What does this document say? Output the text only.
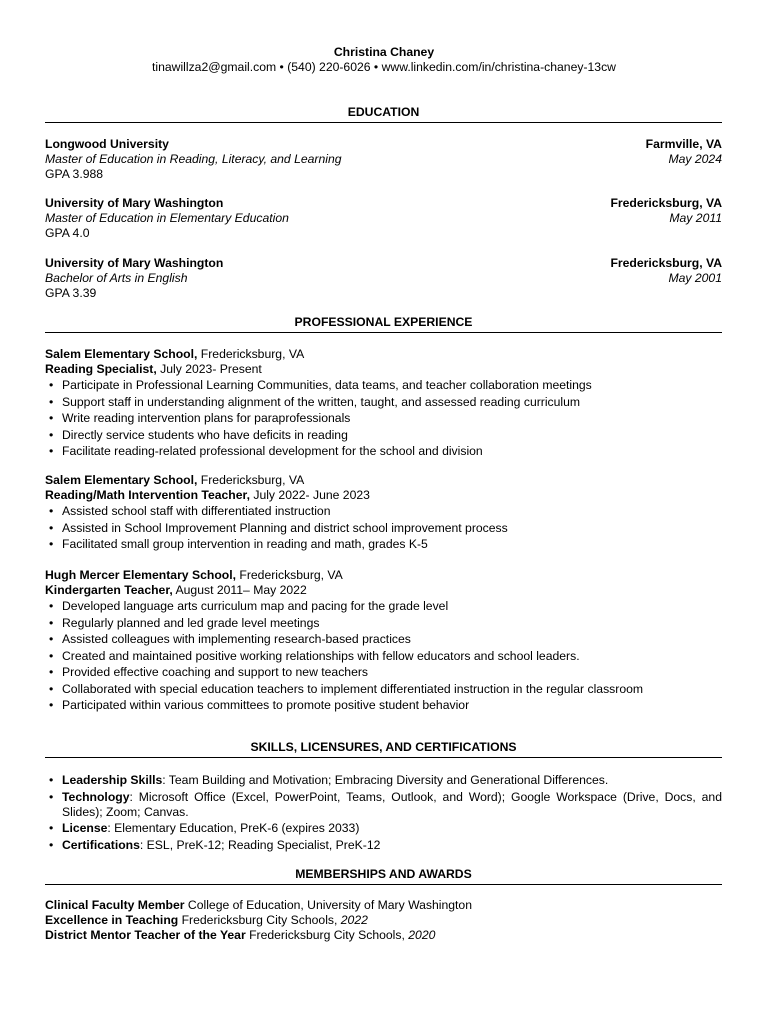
Christina Chaney
tinawillza2@gmail.com • (540) 220-6026 • www.linkedin.com/in/christina-chaney-13cw
EDUCATION
Longwood University	Farmville, VA
Master of Education in Reading, Literacy, and Learning	May 2024
GPA 3.988
University of Mary Washington	Fredericksburg, VA
Master of Education in Elementary Education	May 2011
GPA 4.0
University of Mary Washington	Fredericksburg, VA
Bachelor of Arts in English	May 2001
GPA 3.39
PROFESSIONAL EXPERIENCE
Salem Elementary School, Fredericksburg, VA
Reading Specialist, July 2023- Present
• Participate in Professional Learning Communities, data teams, and teacher collaboration meetings
• Support staff in understanding alignment of the written, taught, and assessed reading curriculum
• Write reading intervention plans for paraprofessionals
• Directly service students who have deficits in reading
• Facilitate reading-related professional development for the school and division
Salem Elementary School, Fredericksburg, VA
Reading/Math Intervention Teacher, July 2022- June 2023
• Assisted school staff with differentiated instruction
• Assisted in School Improvement Planning and district school improvement process
• Facilitated small group intervention in reading and math, grades K-5
Hugh Mercer Elementary School, Fredericksburg, VA
Kindergarten Teacher, August 2011– May 2022
• Developed language arts curriculum map and pacing for the grade level
• Regularly planned and led grade level meetings
• Assisted colleagues with implementing research-based practices
• Created and maintained positive working relationships with fellow educators and school leaders.
• Provided effective coaching and support to new teachers
• Collaborated with special education teachers to implement differentiated instruction in the regular classroom
• Participated within various committees to promote positive student behavior
SKILLS, LICENSURES, AND CERTIFICATIONS
• Leadership Skills: Team Building and Motivation; Embracing Diversity and Generational Differences.
• Technology: Microsoft Office (Excel, PowerPoint, Teams, Outlook, and Word); Google Workspace (Drive, Docs, and Slides); Zoom; Canvas.
• License: Elementary Education, PreK-6 (expires 2033)
• Certifications: ESL, PreK-12; Reading Specialist, PreK-12
MEMBERSHIPS AND AWARDS
Clinical Faculty Member College of Education, University of Mary Washington
Excellence in Teaching Fredericksburg City Schools, 2022
District Mentor Teacher of the Year Fredericksburg City Schools, 2020
